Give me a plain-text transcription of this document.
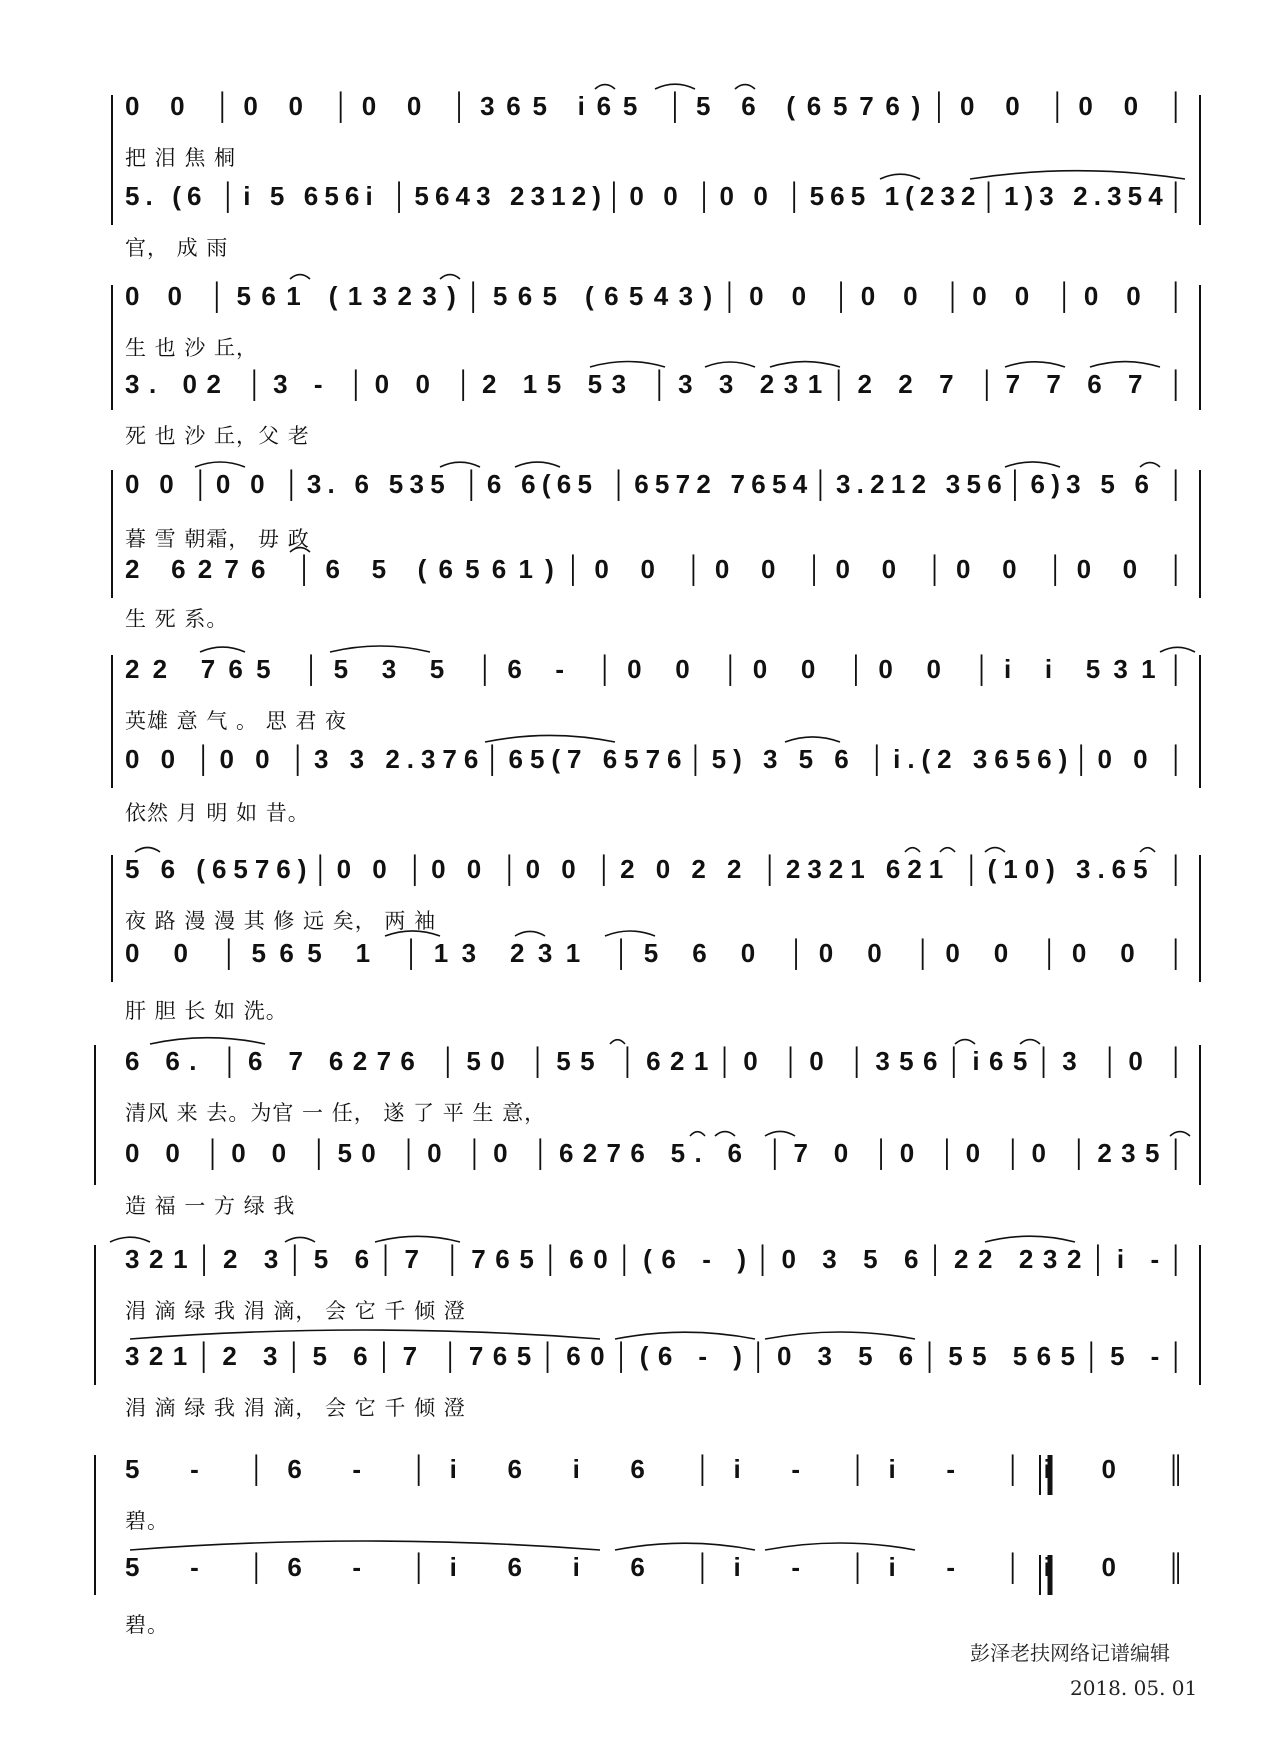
0 0 │0 0 │0 0 │365 i65 │5 6 (6576)│0 0 │0 0 │
把 泪 焦 桐
5. (6 │i 5 656i │5643 2312)│0 0 │0 0 │565 1(232│1)3 2.354│
官， 成 雨
0 0 │561 (1323)│565 (6543)│0 0 │0 0 │0 0 │0 0 │
生 也 沙 丘，
3. 02 │3 - │0 0 │2 15 53 │3 3 231│2 2 7 │7 7 6 7 │
死 也 沙 丘，父 老
0 0 │0 0 │3. 6 535 │6 6(65 │6572 7654│3.212 356│6)3 5 6 │
暮 雪 朝霜， 毋 政
2 6276 │6 5 (6561)│0 0 │0 0 │0 0 │0 0 │0 0 │
生 死 系。
22 765 │5 3 5 │6 - │0 0 │0 0 │0 0 │i i 531│
英雄 意 气 。 思 君 夜
0 0 │0 0 │3 3 2.376│65(7 6576│5) 3 5 6 │i.(2 3656)│0 0 │
依然 月 明 如 昔。
5 6 (6576)│0 0 │0 0 │0 0 │2 0 2 2 │2321 621 │(10) 3.65 │
夜 路 漫 漫 其 修 远 矣， 两 袖
0 0 │565 1 │13 231 │5 6 0 │0 0 │0 0 │0 0 │
肝 胆 长 如 洗。
6 6. │6 7 6276 │50 │55 │621│0 │0 │356│i65│3 │0 │
清风 来 去。为官 一 任， 遂 了 平 生 意，
0 0 │0 0 │50 │0 │0 │6276 5. 6 │7 0 │0 │0 │0 │235│
造 福 一 方 绿 我
321│2 3│5 6│7 │765│60│(6 - )│0 3 5 6│22 232│i -│
涓 滴 绿 我 涓 滴， 会 它 千 倾 澄
321│2 3│5 6│7 │765│60│(6 - )│0 3 5 6│55 565│5 -│
涓 滴 绿 我 涓 滴， 会 它 千 倾 澄
5 - │6 - │i 6 i 6 │i - │i - │i 0 ║
碧。
5 - │6 - │i 6 i 6 │i - │i - │i 0 ║
碧。
彭泽老扶网络记谱编辑
2018. 05. 01
